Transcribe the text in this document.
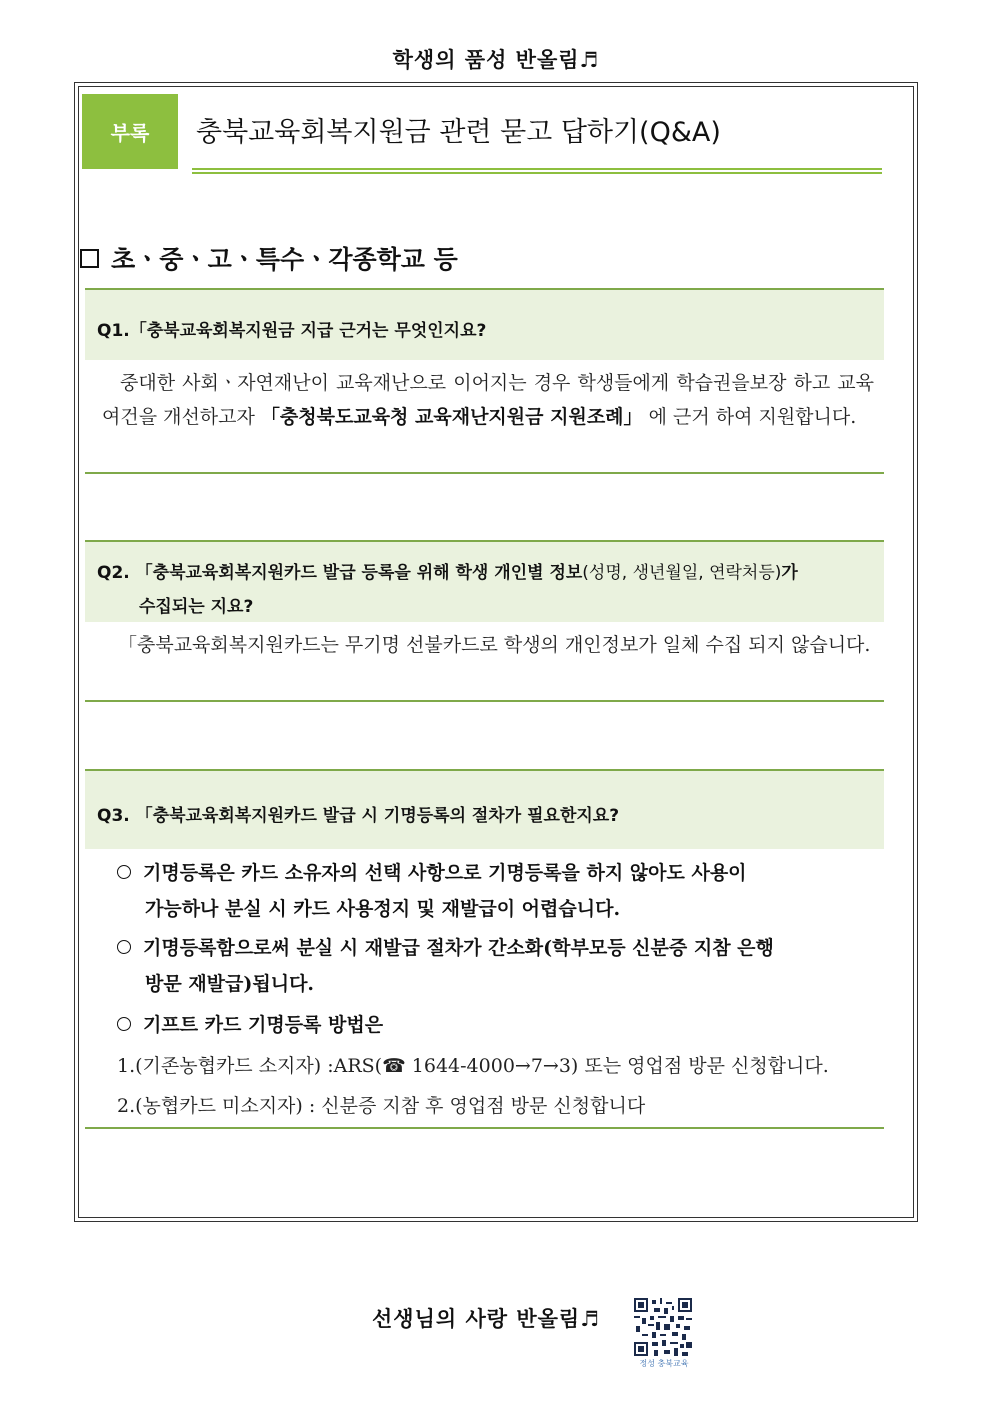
학생의 품성 반올림♬
부록	충북교육회복지원금 관련 묻고 답하기(Q&A)
초ㆍ중ㆍ고ㆍ특수ㆍ각종학교 등
Q1.「충북교육회복지원금 지급 근거는 무엇인지요?
중대한 사회ㆍ자연재난이 교육재난으로 이어지는 경우 학생들에게 학습권을보장 하고 교육여건을 개선하고자 「충청북도교육청 교육재난지원금 지원조례」 에 근거 하여 지원합니다.
Q2. 「충북교육회복지원카드 발급 등록을 위해 학생 개인별 정보(성명, 생년월일, 연락처등)가
수집되는 지요?
「충북교육회복지원카드는 무기명 선불카드로 학생의 개인정보가 일체 수집 되지 않습니다.
Q3. 「충북교육회복지원카드 발급 시 기명등록의 절차가 필요한지요?
기명등록은 카드 소유자의 선택 사항으로 기명등록을 하지 않아도 사용이
가능하나 분실 시 카드 사용정지 및 재발급이 어렵습니다.
기명등록함으로써 분실 시 재발급 절차가 간소화(학부모등 신분증 지참 은행
방문 재발급)됩니다.
기프트 카드 기명등록 방법은
1.(기존농협카드 소지자) :ARS(☎ 1644-4000→7→3) 또는 영업점 방문 신청합니다.
2.(농협카드 미소지자) : 신분증 지참 후 영업점 방문 신청합니다
선생님의 사랑 반올림♬
정성 충북교육
